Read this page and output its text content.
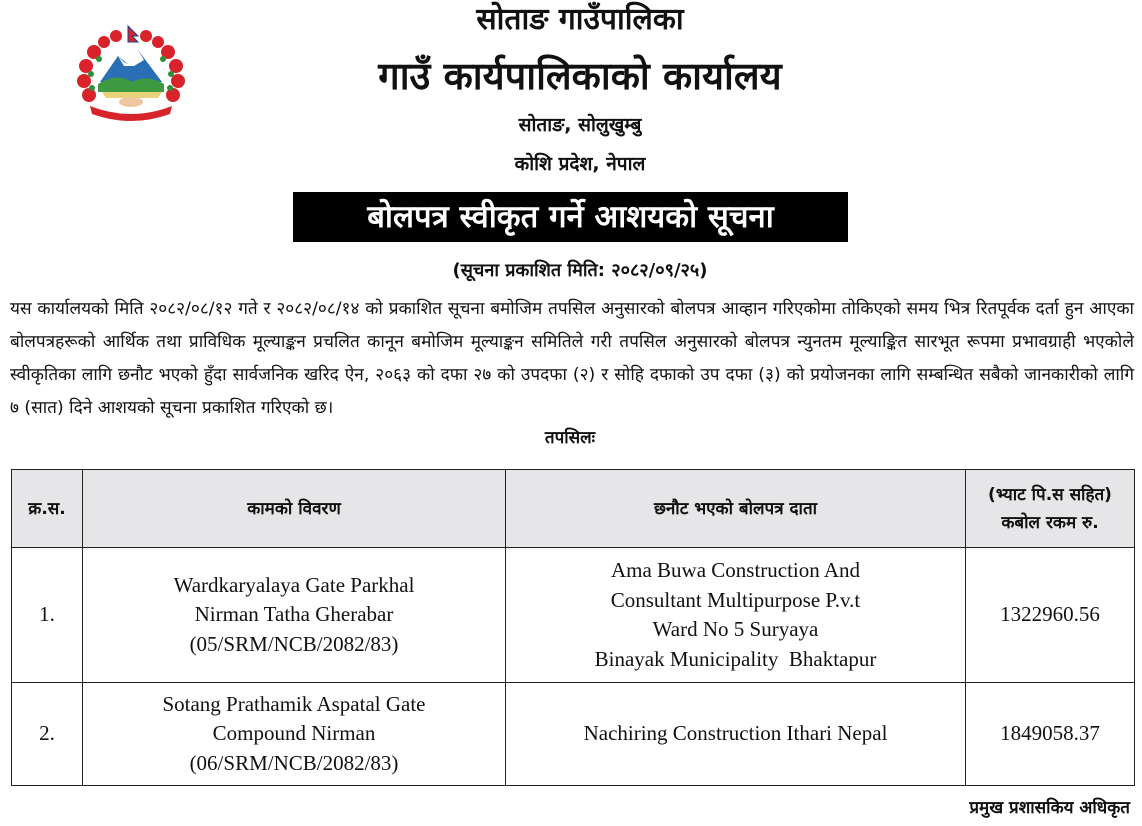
सोताङ गाउँपालिका
गाउँ कार्यपालिकाको कार्यालय
सोताङ, सोलुखुम्बु
कोशि प्रदेश, नेपाल
बोलपत्र स्वीकृत गर्ने आशयको सूचना
(सूचना प्रकाशित मिति: २०८२/०९/२५)
यस कार्यालयको मिति २०८२/०८/१२ गते र २०८२/०८/१४ को प्रकाशित सूचना बमोजिम तपसिल अनुसारको बोलपत्र आव्हान गरिएकोमा तोकिएको समय भित्र रितपूर्वक दर्ता हुन आएका बोलपत्रहरूको आर्थिक तथा प्राविधिक मूल्याङ्कन प्रचलित कानून बमोजिम मूल्याङ्कन समितिले गरी तपसिल अनुसारको बोलपत्र न्युनतम मूल्याङ्कित सारभूत रूपमा प्रभावग्राही भएकोले स्वीकृतिका लागि छनौट भएको हुँदा सार्वजनिक खरिद ऐन, २०६३ को दफा २७ को उपदफा (२) र सोहि दफाको उप दफा (३) को प्रयोजनका लागि सम्बन्धित सबैको जानकारीको लागि ७ (सात) दिने आशयको सूचना प्रकाशित गरिएको छ।
तपसिलः
क्र.स.	कामको विवरण	छनौट भएको बोलपत्र दाता	(भ्याट पि.स सहित)
कबोल रकम रु.

1.	Wardkaryalaya Gate Parkhal
Nirman Tatha Gherabar
(05/SRM/NCB/2082/83)	Ama Buwa Construction And
Consultant Multipurpose P.v.t
Ward No 5 Suryaya
Binayak Municipality  Bhaktapur	1322960.56
2.	Sotang Prathamik Aspatal Gate
Compound Nirman
(06/SRM/NCB/2082/83)	Nachiring Construction Ithari Nepal	1849058.37
प्रमुख प्रशासकिय अधिकृत
